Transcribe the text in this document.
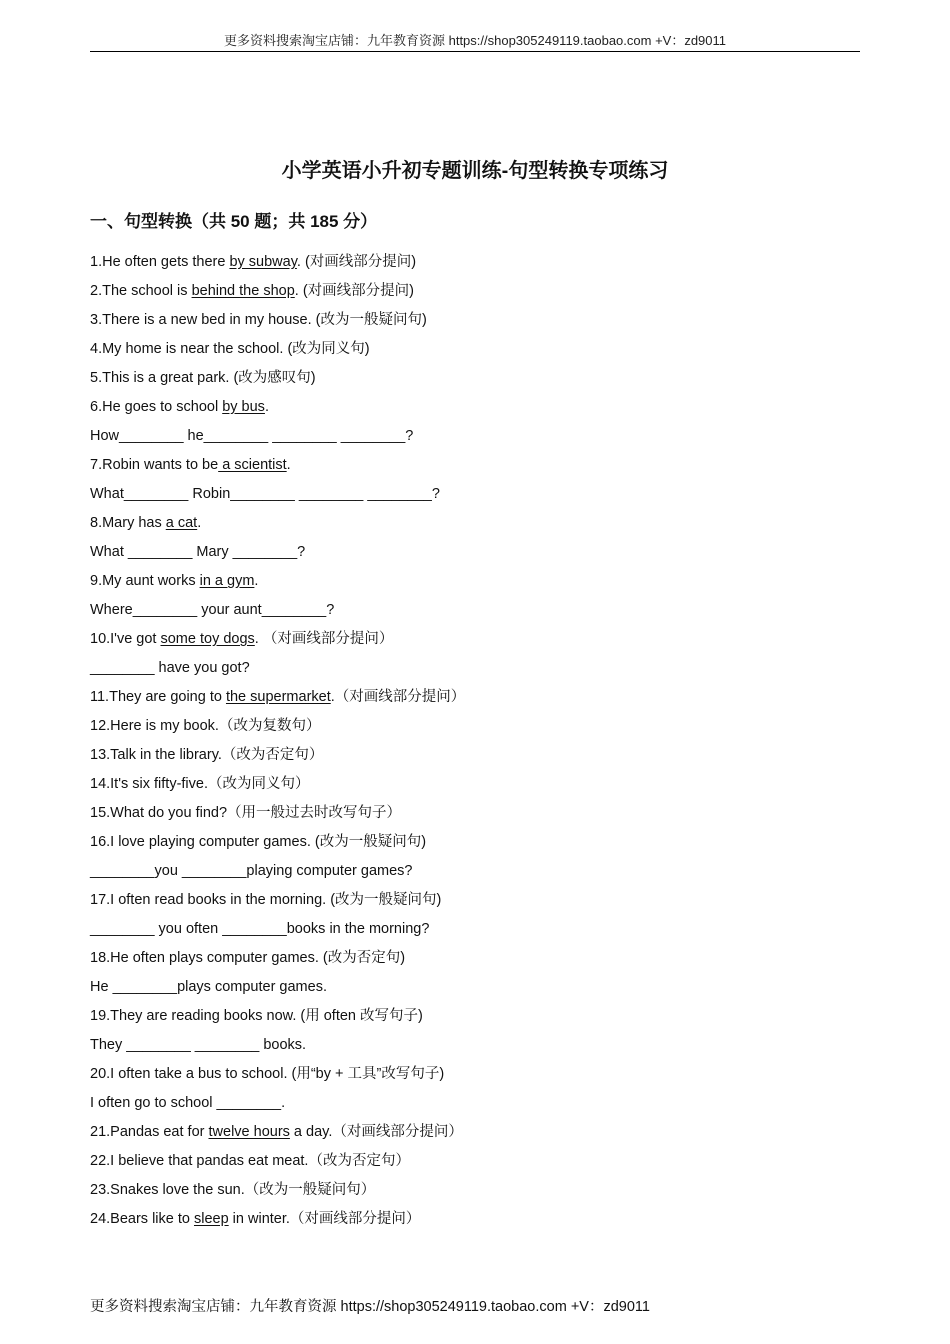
更多资料搜索淘宝店铺：九年教育资源 https://shop305249119.taobao.com +V：zd9011
小学英语小升初专题训练-句型转换专项练习
一、句型转换（共 50 题；共 185 分）
1.He often gets there by subway. (对画线部分提问)
2.The school is behind the shop. (对画线部分提问)
3.There is a new bed in my house. (改为一般疑问句)
4.My home is near the school. (改为同义句)
5.This is a great park. (改为感叹句)
6.He goes to school by bus.
How________ he________ ________ ________?
7.Robin wants to be a scientist.
What________ Robin________ ________ ________?
8.Mary has a cat.
What ________ Mary ________?
9.My aunt works in a gym.
Where________ your aunt________?
10.I've got some toy dogs. （对画线部分提问）
________ have you got?
11.They are going to the supermarket.（对画线部分提问）
12.Here is my book.（改为复数句）
13.Talk in the library.（改为否定句）
14.It's six fifty-five.（改为同义句）
15.What do you find?（用一般过去时改写句子）
16.I love playing computer games. (改为一般疑问句)
________you ________playing computer games?
17.I often read books in the morning. (改为一般疑问句)
________ you often ________books in the morning?
18.He often plays computer games. (改为否定句)
He ________plays computer games.
19.They are reading books now. (用 often 改写句子)
They ________ ________ books.
20.I often take a bus to school. (用“by + 工具”改写句子)
I often go to school ________.
21.Pandas eat for twelve hours a day.（对画线部分提问）
22.I believe that pandas eat meat.（改为否定句）
23.Snakes love the sun.（改为一般疑问句）
24.Bears like to sleep in winter.（对画线部分提问）
更多资料搜索淘宝店铺：九年教育资源 https://shop305249119.taobao.com +V：zd9011
